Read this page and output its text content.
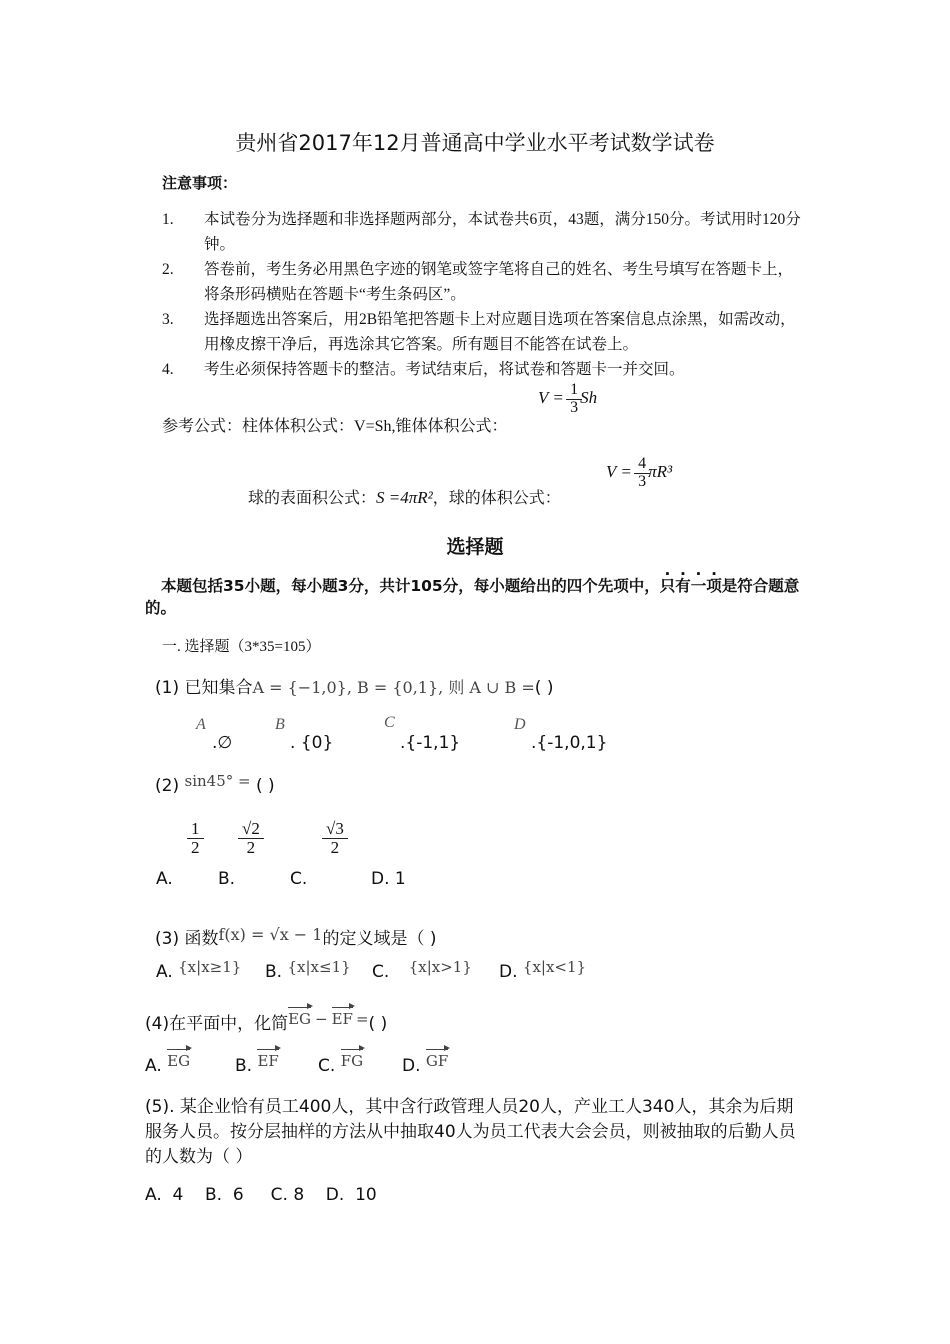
贵州省2017年12月普通高中学业水平考试数学试卷
注意事项：
1. 本试卷分为选择题和非选择题两部分，本试卷共6页，43题，满分150分。考试用时120分钟。
2. 答卷前，考生务必用黑色字迹的钢笔或签字笔将自己的姓名、考生号填写在答题卡上，将条形码横贴在答题卡“考生条码区”。
3. 选择题选出答案后，用2B铅笔把答题卡上对应题目选项在答案信息点涂黑，如需改动，用橡皮擦干净后，再选涂其它答案。所有题目不能答在试卷上。
4. 考生必须保持答题卡的整洁。考试结束后，将试卷和答题卡一并交回。
参考公式：柱体体积公式：V=Sh,锥体体积公式：
$V = \frac{1}{3}$ Sh
球的表面积公式：S =4πR²，球的体积公式：
$V = \frac{4}{3} \pi R^3$
选择题
本题包括35小题，每小题3分，共计105分，每小题给出的四个先项中，只有一项是符合题意的。
一. 选择题（3*35=105）
(1) 已知集合A = {−1,0}, B = {0,1}, 则 A ∪ B =( )
A
.∅
B
. {0}
C
.{-1,1}
D
.{-1,0,1}
(2) sin45° = ( )
$\frac{1}{2} \frac{√2}{2}$	$\frac{√3}{2}$
A.	B.	C.	D. 1
(3) 函数f(x) = √x − 1的定义域是（ )
A. {x|x≥1} B. {x|x≤1} C. {x|x>1} D. {x|x<1}
(4)在平面中，化简EG − EF =( )
A. EG	B. EF C. FG D. GF
(5). 某企业恰有员工400人，其中含行政管理人员20人，产业工人340人，其余为后期服务人员。按分层抽样的方法从中抽取40人为员工代表大会会员，则被抽取的后勤人员的人数为（ ）
A.  4    B.  6     C. 8    D.  10
